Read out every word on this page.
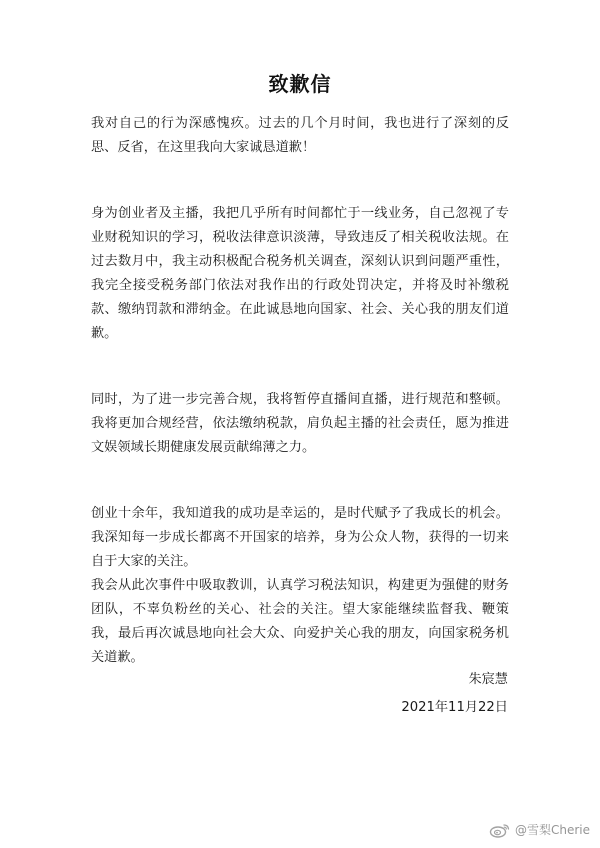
致歉信

我对自己的行为深感愧疚。过去的几个月时间，我也进行了深刻的反思、反省，在这里我向大家诚恳道歉！

身为创业者及主播，我把几乎所有时间都忙于一线业务，自己忽视了专业财税知识的学习，税收法律意识淡薄，导致违反了相关税收法规。在过去数月中，我主动积极配合税务机关调查，深刻认识到问题严重性，我完全接受税务部门依法对我作出的行政处罚决定，并将及时补缴税款、缴纳罚款和滞纳金。在此诚恳地向国家、社会、关心我的朋友们道歉。

同时，为了进一步完善合规，我将暂停直播间直播，进行规范和整顿。我将更加合规经营，依法缴纳税款，肩负起主播的社会责任，愿为推进文娱领域长期健康发展贡献绵薄之力。

创业十余年，我知道我的成功是幸运的，是时代赋予了我成长的机会。我深知每一步成长都离不开国家的培养，身为公众人物，获得的一切来自于大家的关注。

我会从此次事件中吸取教训，认真学习税法知识，构建更为强健的财务团队，不辜负粉丝的关心、社会的关注。望大家能继续监督我、鞭策我，最后再次诚恳地向社会大众、向爱护关心我的朋友，向国家税务机关道歉。

朱宸慧
2021年11月22日
@雪梨Cherie
